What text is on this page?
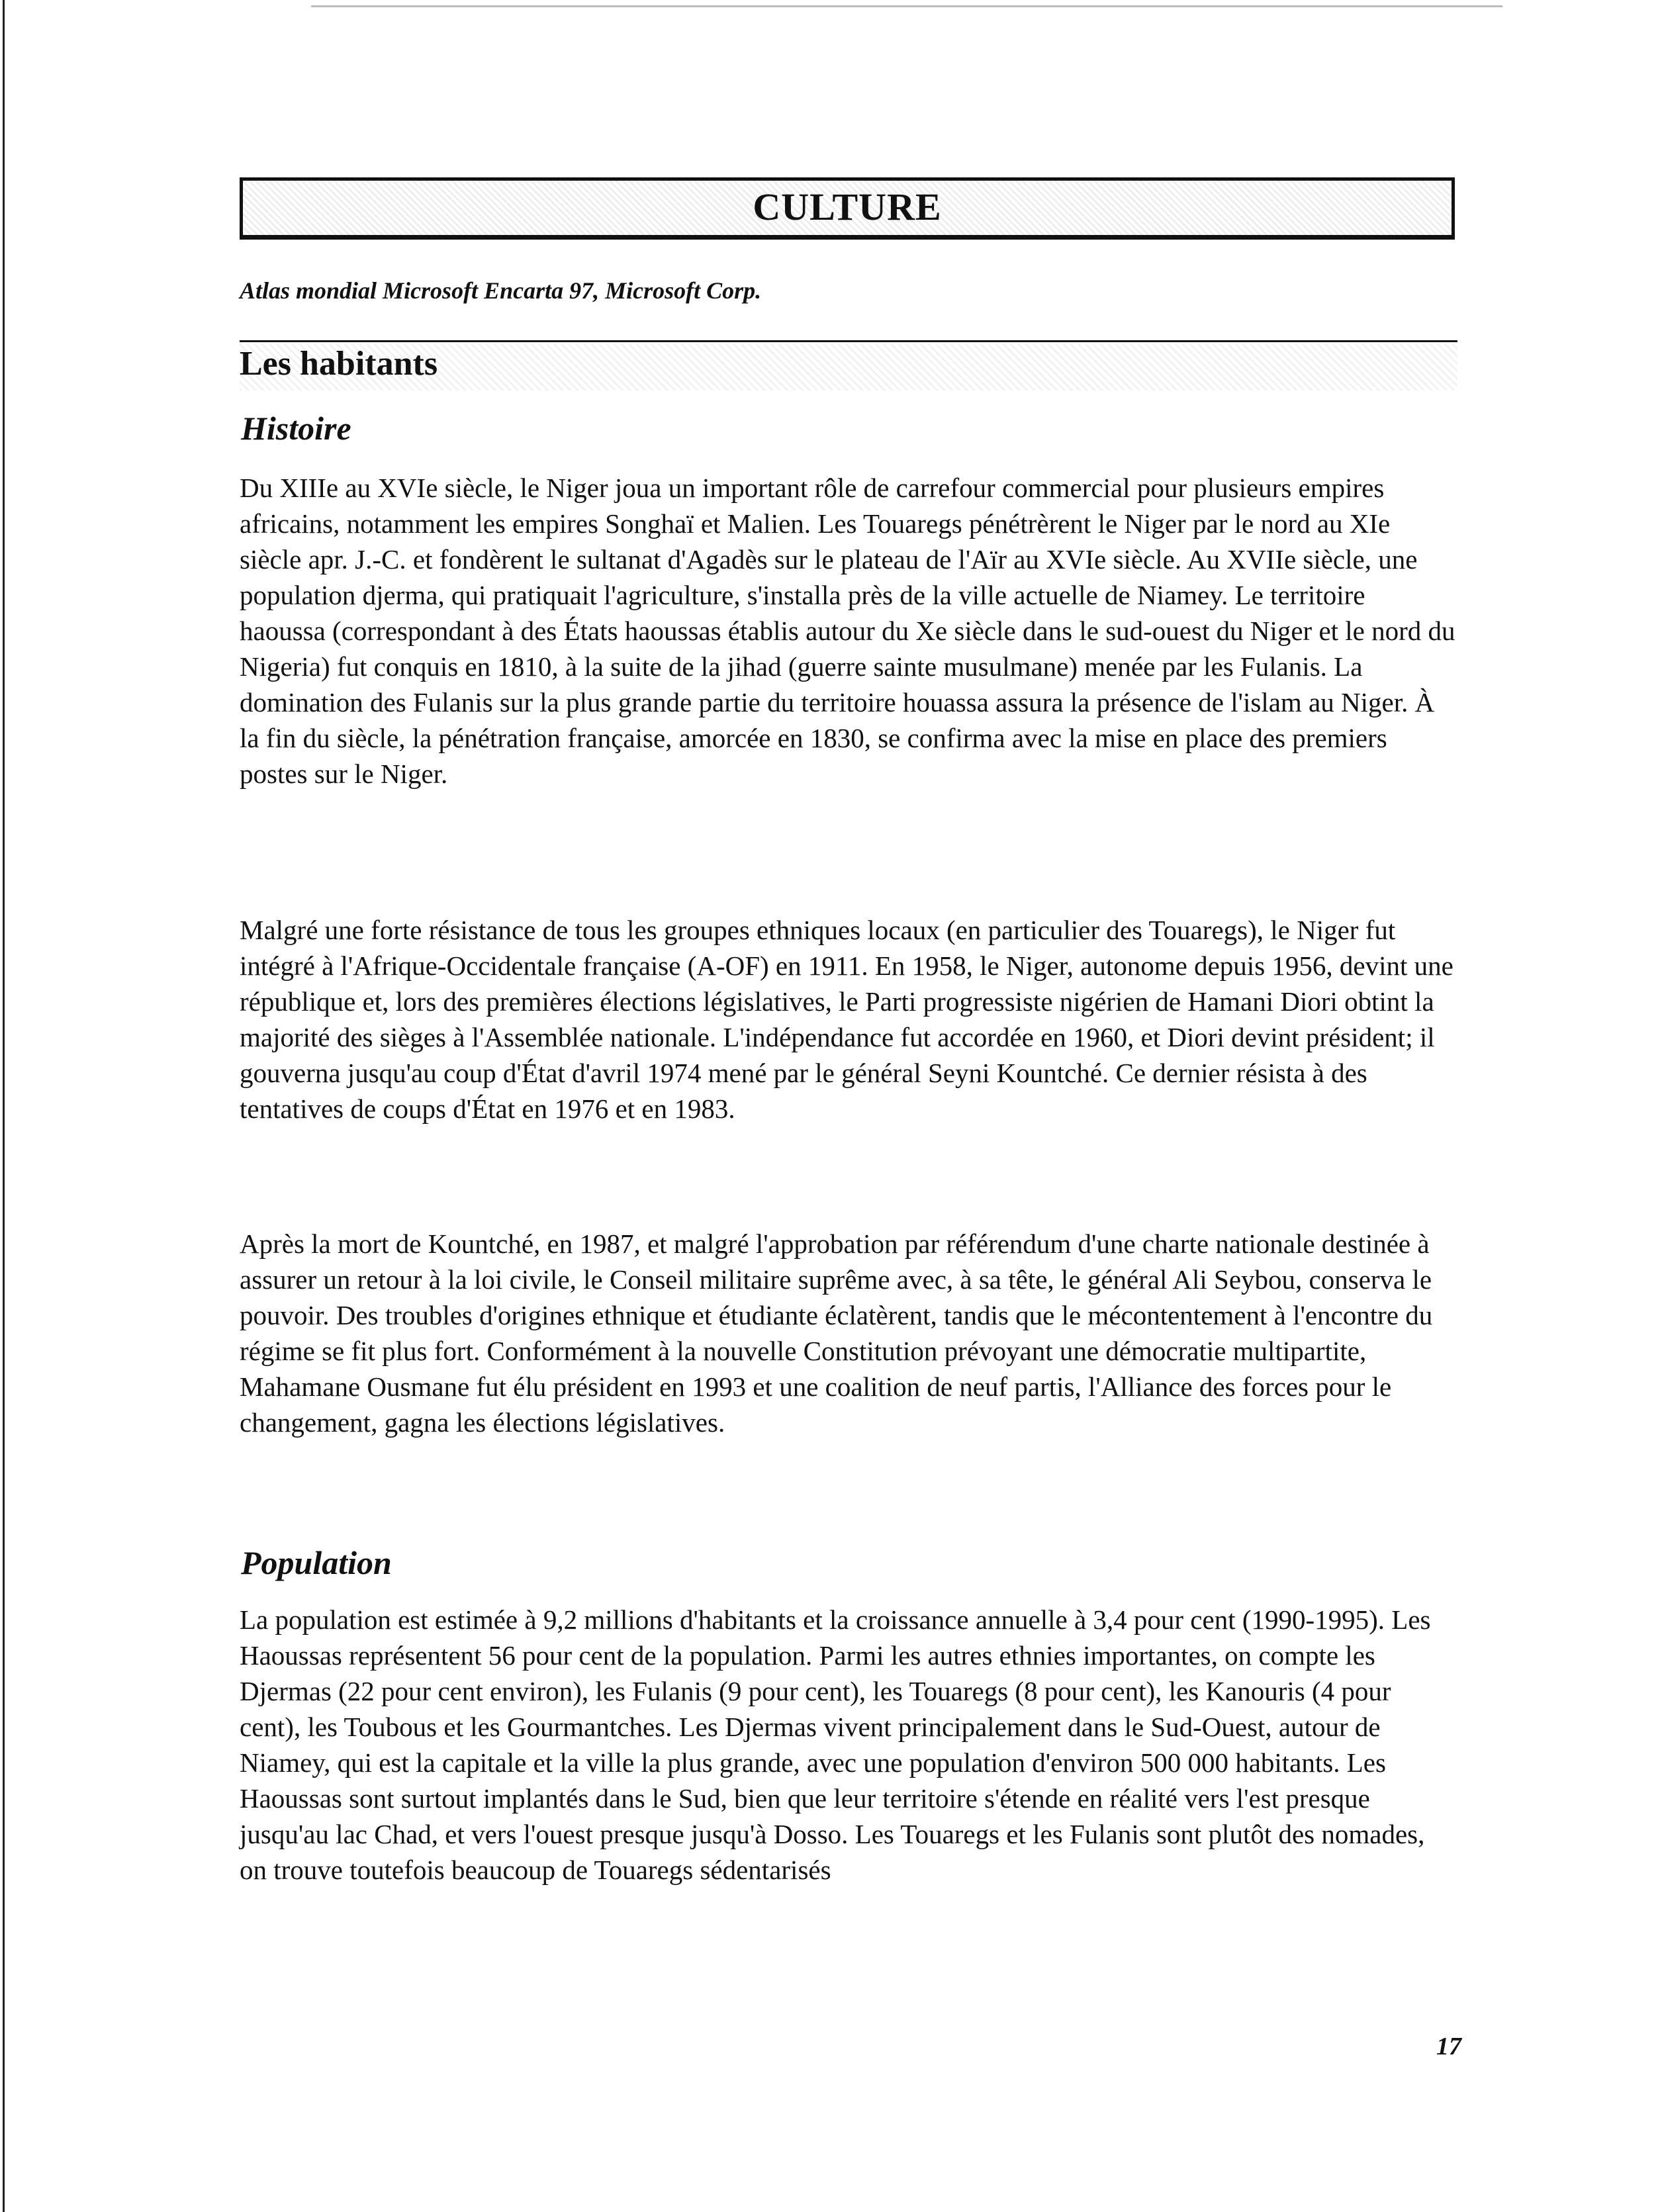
CULTURE
Atlas mondial Microsoft Encarta 97, Microsoft Corp.
Les habitants
Histoire

Du XIIIe au XVIe siècle, le Niger joua un important rôle de carrefour commercial pour plusieurs empires africains, notamment les empires Songhaï et Malien. Les Touaregs pénétrèrent le Niger par le nord au XIe siècle apr. J.-C. et fondèrent le sultanat d'Agadès sur le plateau de l'Aïr au XVIe siècle. Au XVIIe siècle, une population djerma, qui pratiquait l'agriculture, s'installa près de la ville actuelle de Niamey. Le territoire haoussa (correspondant à des États haoussas établis autour du Xe siècle dans le sud-ouest du Niger et le nord du Nigeria) fut conquis en 1810, à la suite de la jihad (guerre sainte musulmane) menée par les Fulanis. La domination des Fulanis sur la plus grande partie du territoire houassa assura la présence de l'islam au Niger. À la fin du siècle, la pénétration française, amorcée en 1830, se confirma avec la mise en place des premiers postes sur le Niger.

Malgré une forte résistance de tous les groupes ethniques locaux (en particulier des Touaregs), le Niger fut intégré à l'Afrique-Occidentale française (A-OF) en 1911. En 1958, le Niger, autonome depuis 1956, devint une république et, lors des premières élections législatives, le Parti progressiste nigérien de Hamani Diori obtint la majorité des sièges à l'Assemblée nationale. L'indépendance fut accordée en 1960, et Diori devint président; il gouverna jusqu'au coup d'État d'avril 1974 mené par le général Seyni Kountché. Ce dernier résista à des tentatives de coups d'État en 1976 et en 1983.

Après la mort de Kountché, en 1987, et malgré l'approbation par référendum d'une charte nationale destinée à assurer un retour à la loi civile, le Conseil militaire suprême avec, à sa tête, le général Ali Seybou, conserva le pouvoir. Des troubles d'origines ethnique et étudiante éclatèrent, tandis que le mécontentement à l'encontre du régime se fit plus fort. Conformément à la nouvelle Constitution prévoyant une démocratie multipartite, Mahamane Ousmane fut élu président en 1993 et une coalition de neuf partis, l'Alliance des forces pour le changement, gagna les élections législatives.

Population

La population est estimée à 9,2 millions d'habitants et la croissance annuelle à 3,4 pour cent (1990-1995). Les Haoussas représentent 56 pour cent de la population. Parmi les autres ethnies importantes, on compte les Djermas (22 pour cent environ), les Fulanis (9 pour cent), les Touaregs (8 pour cent), les Kanouris (4 pour cent), les Toubous et les Gourmantches. Les Djermas vivent principalement dans le Sud-Ouest, autour de Niamey, qui est la capitale et la ville la plus grande, avec une population d'environ 500 000 habitants. Les Haoussas sont surtout implantés dans le Sud, bien que leur territoire s'étende en réalité vers l'est presque jusqu'au lac Chad, et vers l'ouest presque jusqu'à Dosso. Les Touaregs et les Fulanis sont plutôt des nomades, on trouve toutefois beaucoup de Touaregs sédentarisés

17
